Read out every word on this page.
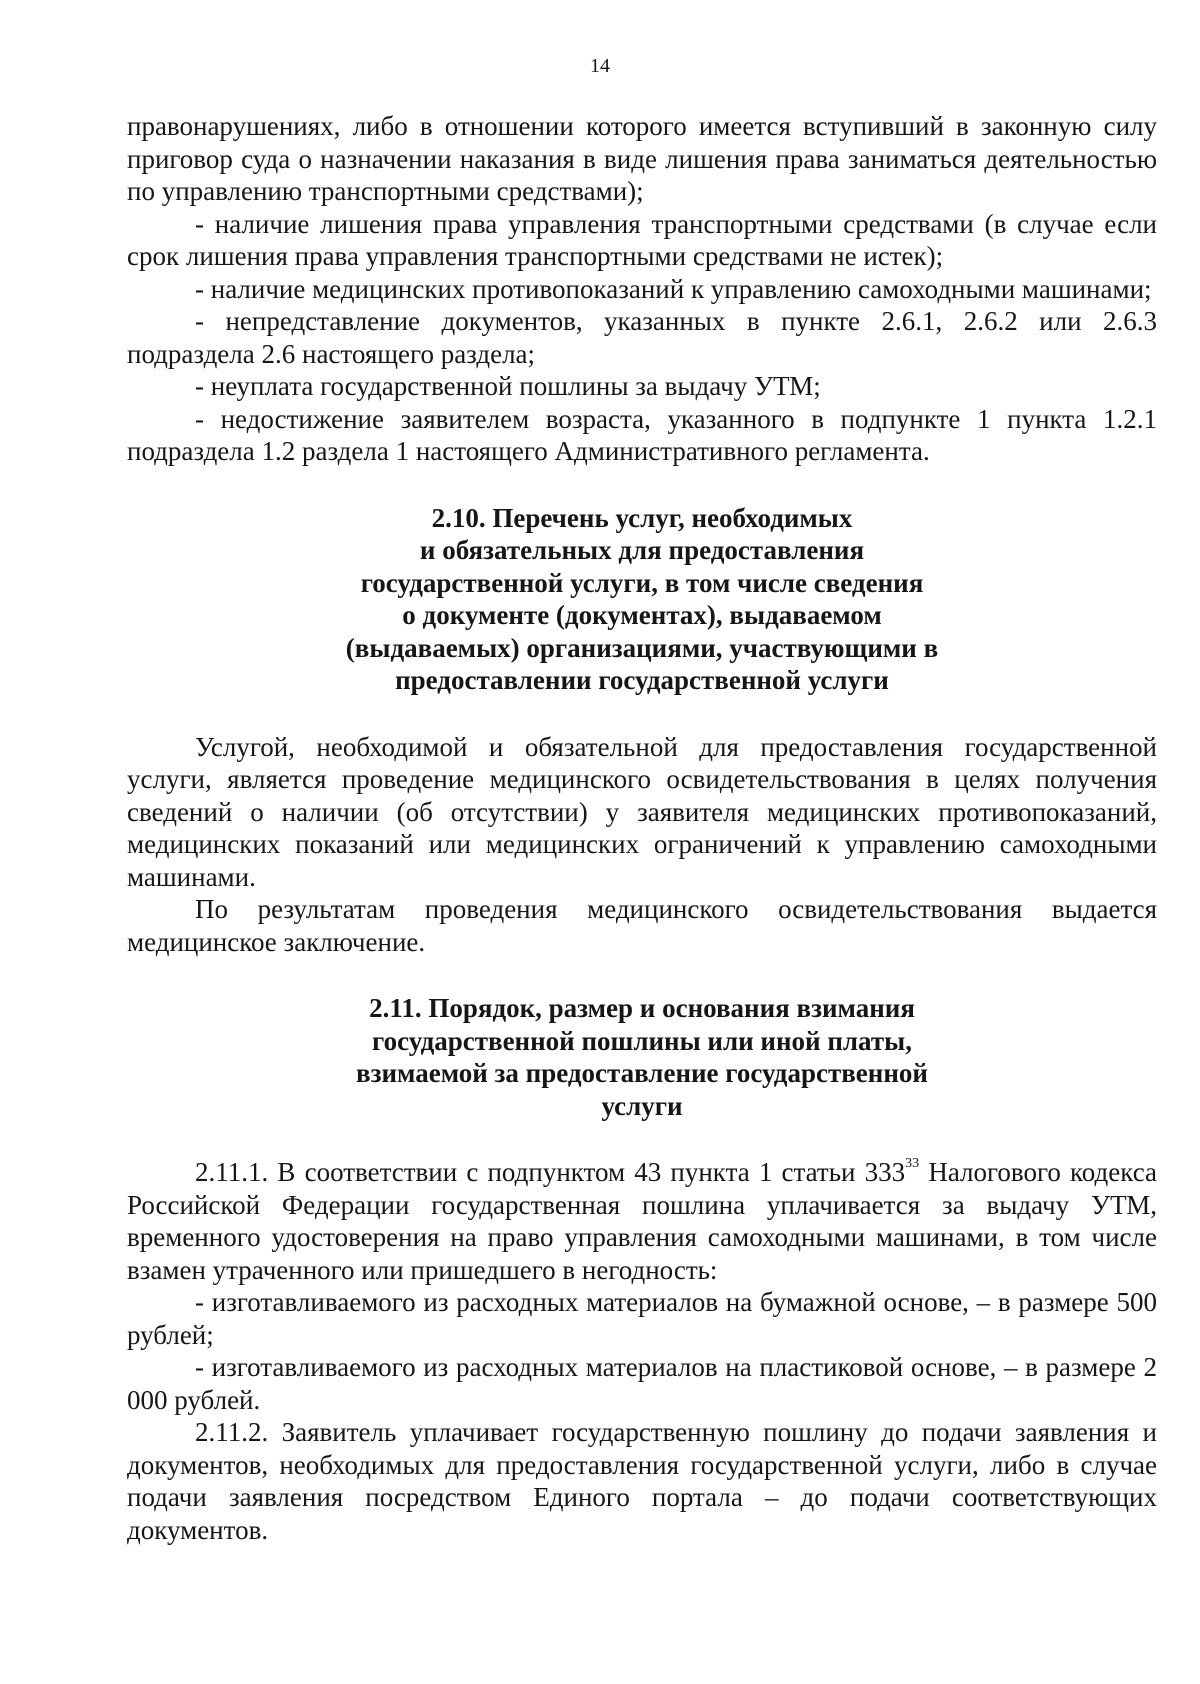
14

правонарушениях, либо в отношении которого имеется вступивший в законную силу приговор суда о назначении наказания в виде лишения права заниматься деятельностью по управлению транспортными средствами);

- наличие лишения права управления транспортными средствами (в случае если срок лишения права управления транспортными средствами не истек);

- наличие медицинских противопоказаний к управлению самоходными машинами;

- непредставление документов, указанных в пункте 2.6.1, 2.6.2 или 2.6.3 подраздела 2.6 настоящего раздела;

- неуплата государственной пошлины за выдачу УТМ;

- недостижение заявителем возраста, указанного в подпункте 1 пункта 1.2.1 подраздела 1.2 раздела 1 настоящего Административного регламента.

2.10. Перечень услуг, необходимых
и обязательных для предоставления
государственной услуги, в том числе сведения
о документе (документах), выдаваемом
(выдаваемых) организациями, участвующими в
предоставлении государственной услуги

Услугой, необходимой и обязательной для предоставления государственной услуги, является проведение медицинского освидетельствования в целях получения сведений о наличии (об отсутствии) у заявителя медицинских противопоказаний, медицинских показаний или медицинских ограничений к управлению самоходными машинами.

По результатам проведения медицинского освидетельствования выдается медицинское заключение.

2.11. Порядок, размер и основания взимания
государственной пошлины или иной платы,
взимаемой за предоставление государственной
услуги

2.11.1. В соответствии с подпунктом 43 пункта 1 статьи $333^{33}$ Налогового кодекса Российской Федерации государственная пошлина уплачивается за выдачу УТМ, временного удостоверения на право управления самоходными машинами, в том числе взамен утраченного или пришедшего в негодность:

- изготавливаемого из расходных материалов на бумажной основе, – в размере 500 рублей;

- изготавливаемого из расходных материалов на пластиковой основе, – в размере 2 000 рублей.

2.11.2. Заявитель уплачивает государственную пошлину до подачи заявления и документов, необходимых для предоставления государственной услуги, либо в случае подачи заявления посредством Единого портала – до подачи соответствующих документов.
